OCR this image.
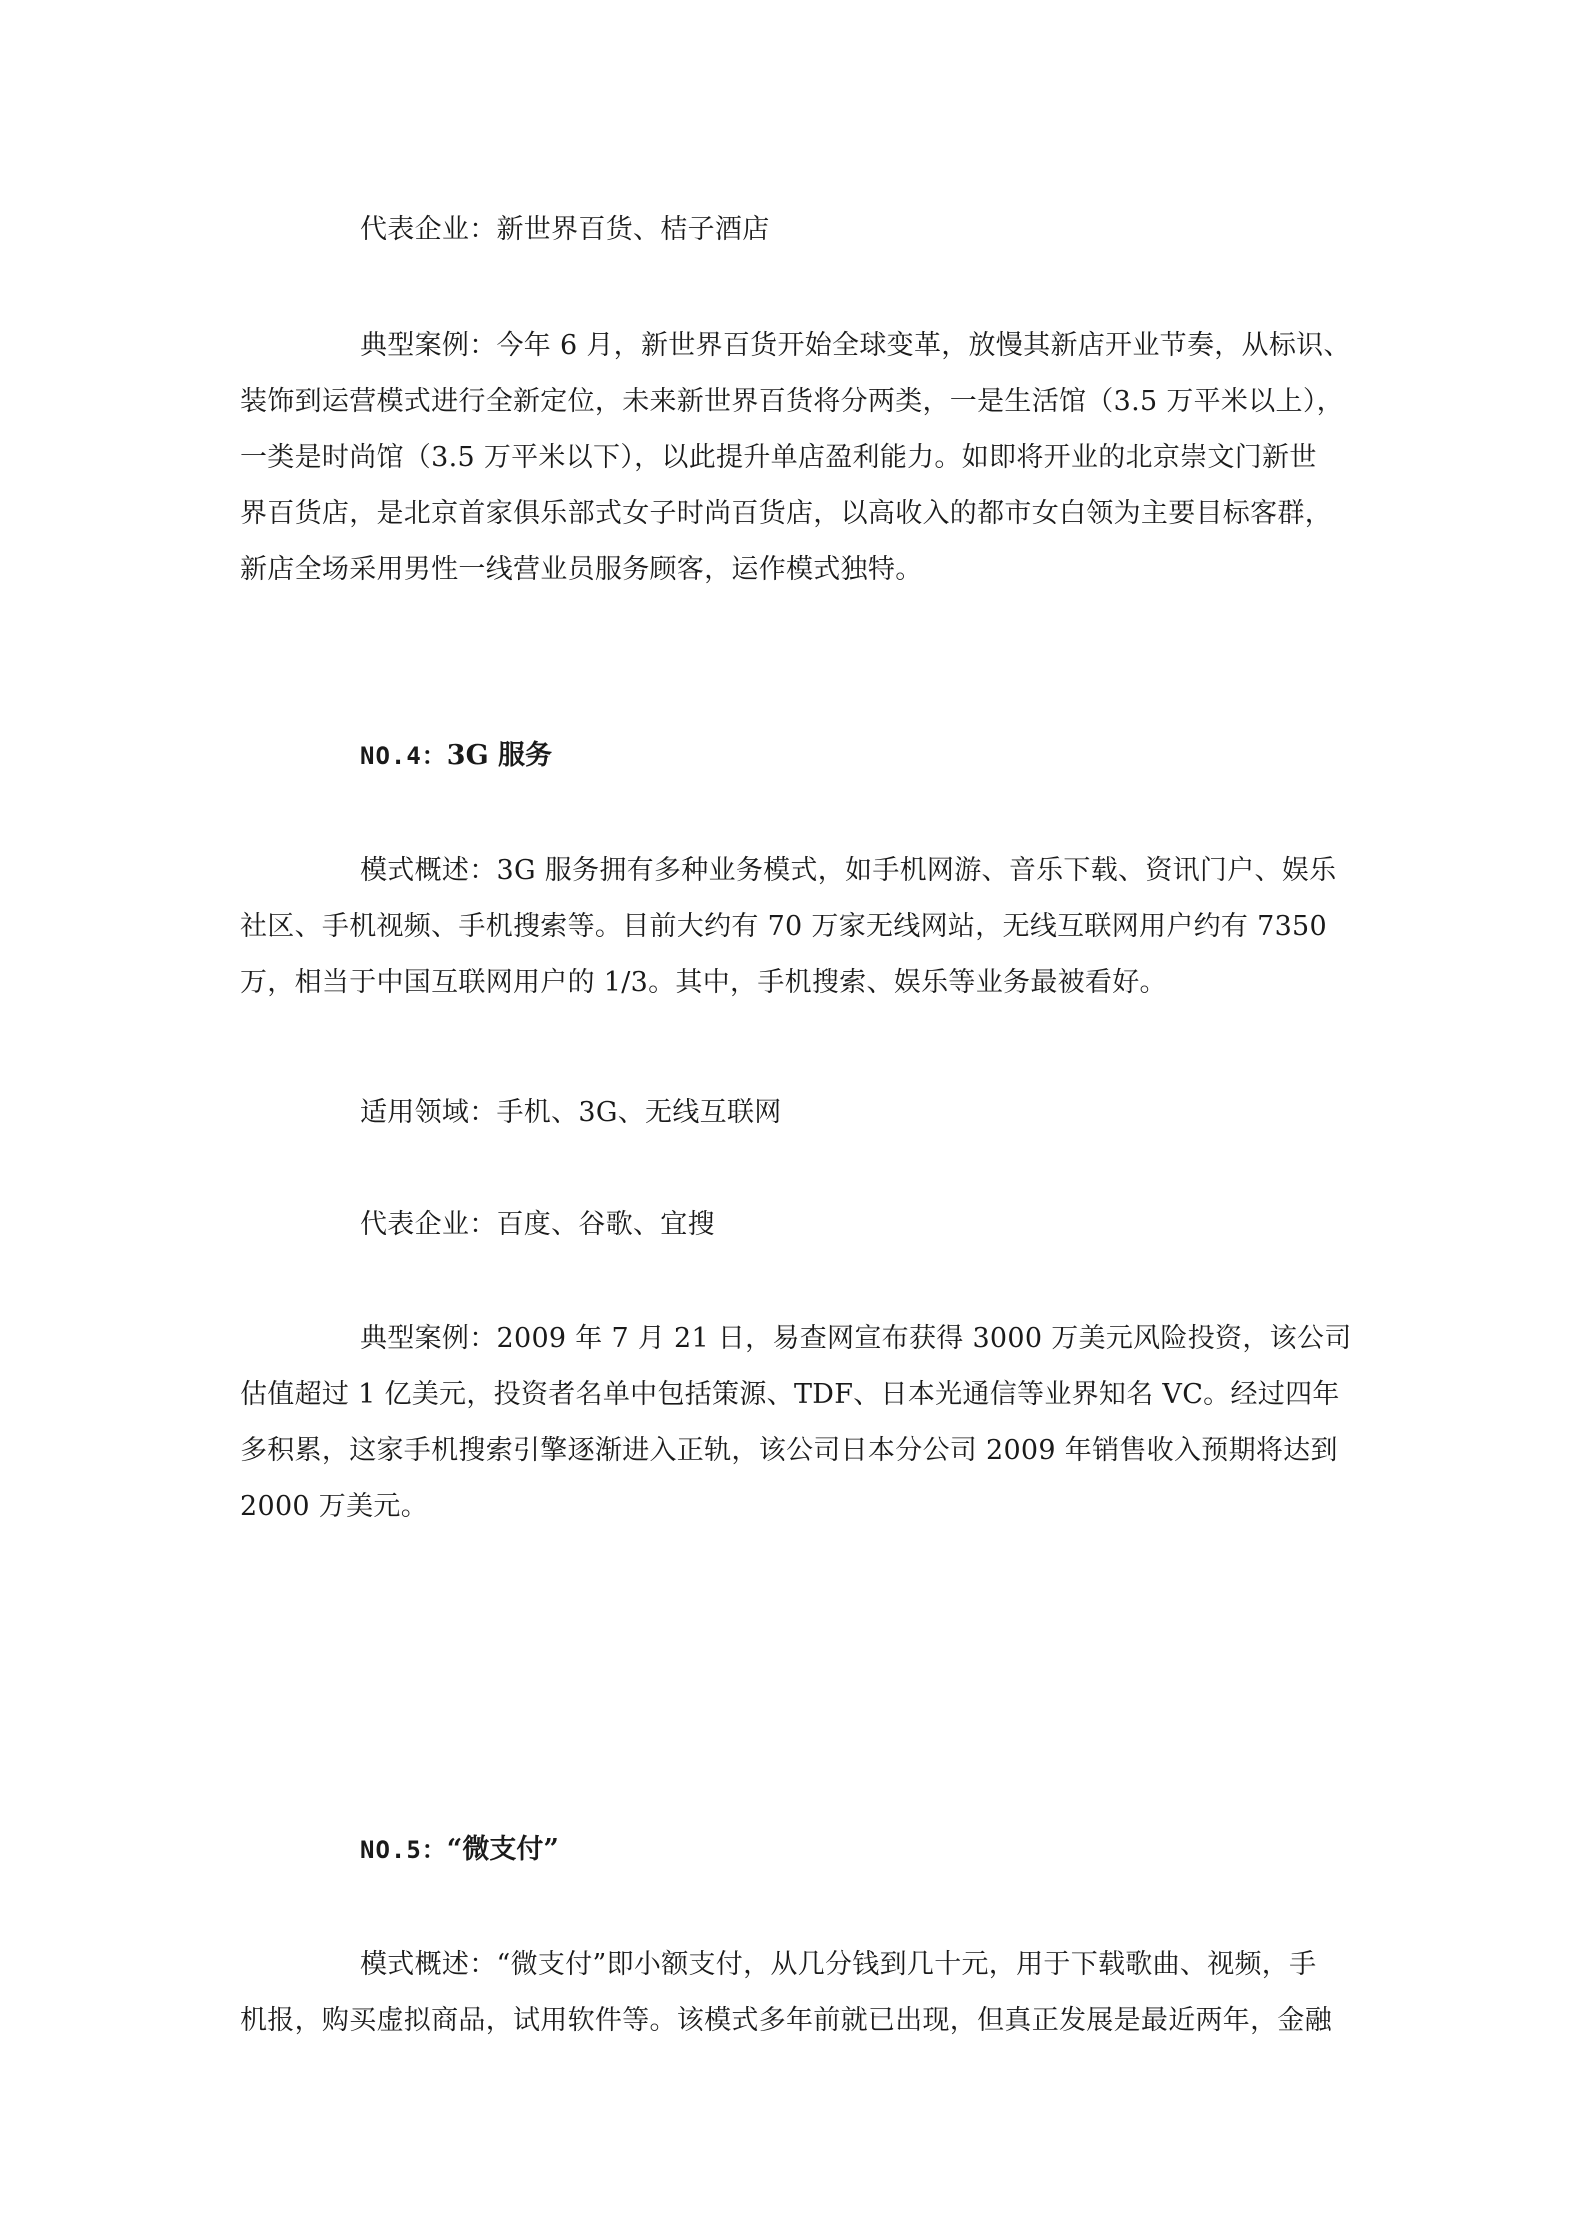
代表企业：新世界百货、桔子酒店
典型案例：今年 6 月，新世界百货开始全球变革，放慢其新店开业节奏，从标识、
装饰到运营模式进行全新定位，未来新世界百货将分两类，一是生活馆（3.5 万平米以上），
一类是时尚馆（3.5 万平米以下），以此提升单店盈利能力。如即将开业的北京崇文门新世
界百货店，是北京首家俱乐部式女子时尚百货店，以高收入的都市女白领为主要目标客群，
新店全场采用男性一线营业员服务顾客，运作模式独特。
NO.4：3G 服务
模式概述：3G 服务拥有多种业务模式，如手机网游、音乐下载、资讯门户、娱乐
社区、手机视频、手机搜索等。目前大约有 70 万家无线网站，无线互联网用户约有 7350
万，相当于中国互联网用户的 1/3。其中，手机搜索、娱乐等业务最被看好。
适用领域：手机、3G、无线互联网
代表企业：百度、谷歌、宜搜
典型案例：2009 年 7 月 21 日，易查网宣布获得 3000 万美元风险投资，该公司
估值超过 1 亿美元，投资者名单中包括策源、TDF、日本光通信等业界知名 VC。经过四年
多积累，这家手机搜索引擎逐渐进入正轨，该公司日本分公司 2009 年销售收入预期将达到
2000 万美元。
NO.5：“微支付”
模式概述：“微支付”即小额支付，从几分钱到几十元，用于下载歌曲、视频，手
机报，购买虚拟商品，试用软件等。该模式多年前就已出现，但真正发展是最近两年，金融
